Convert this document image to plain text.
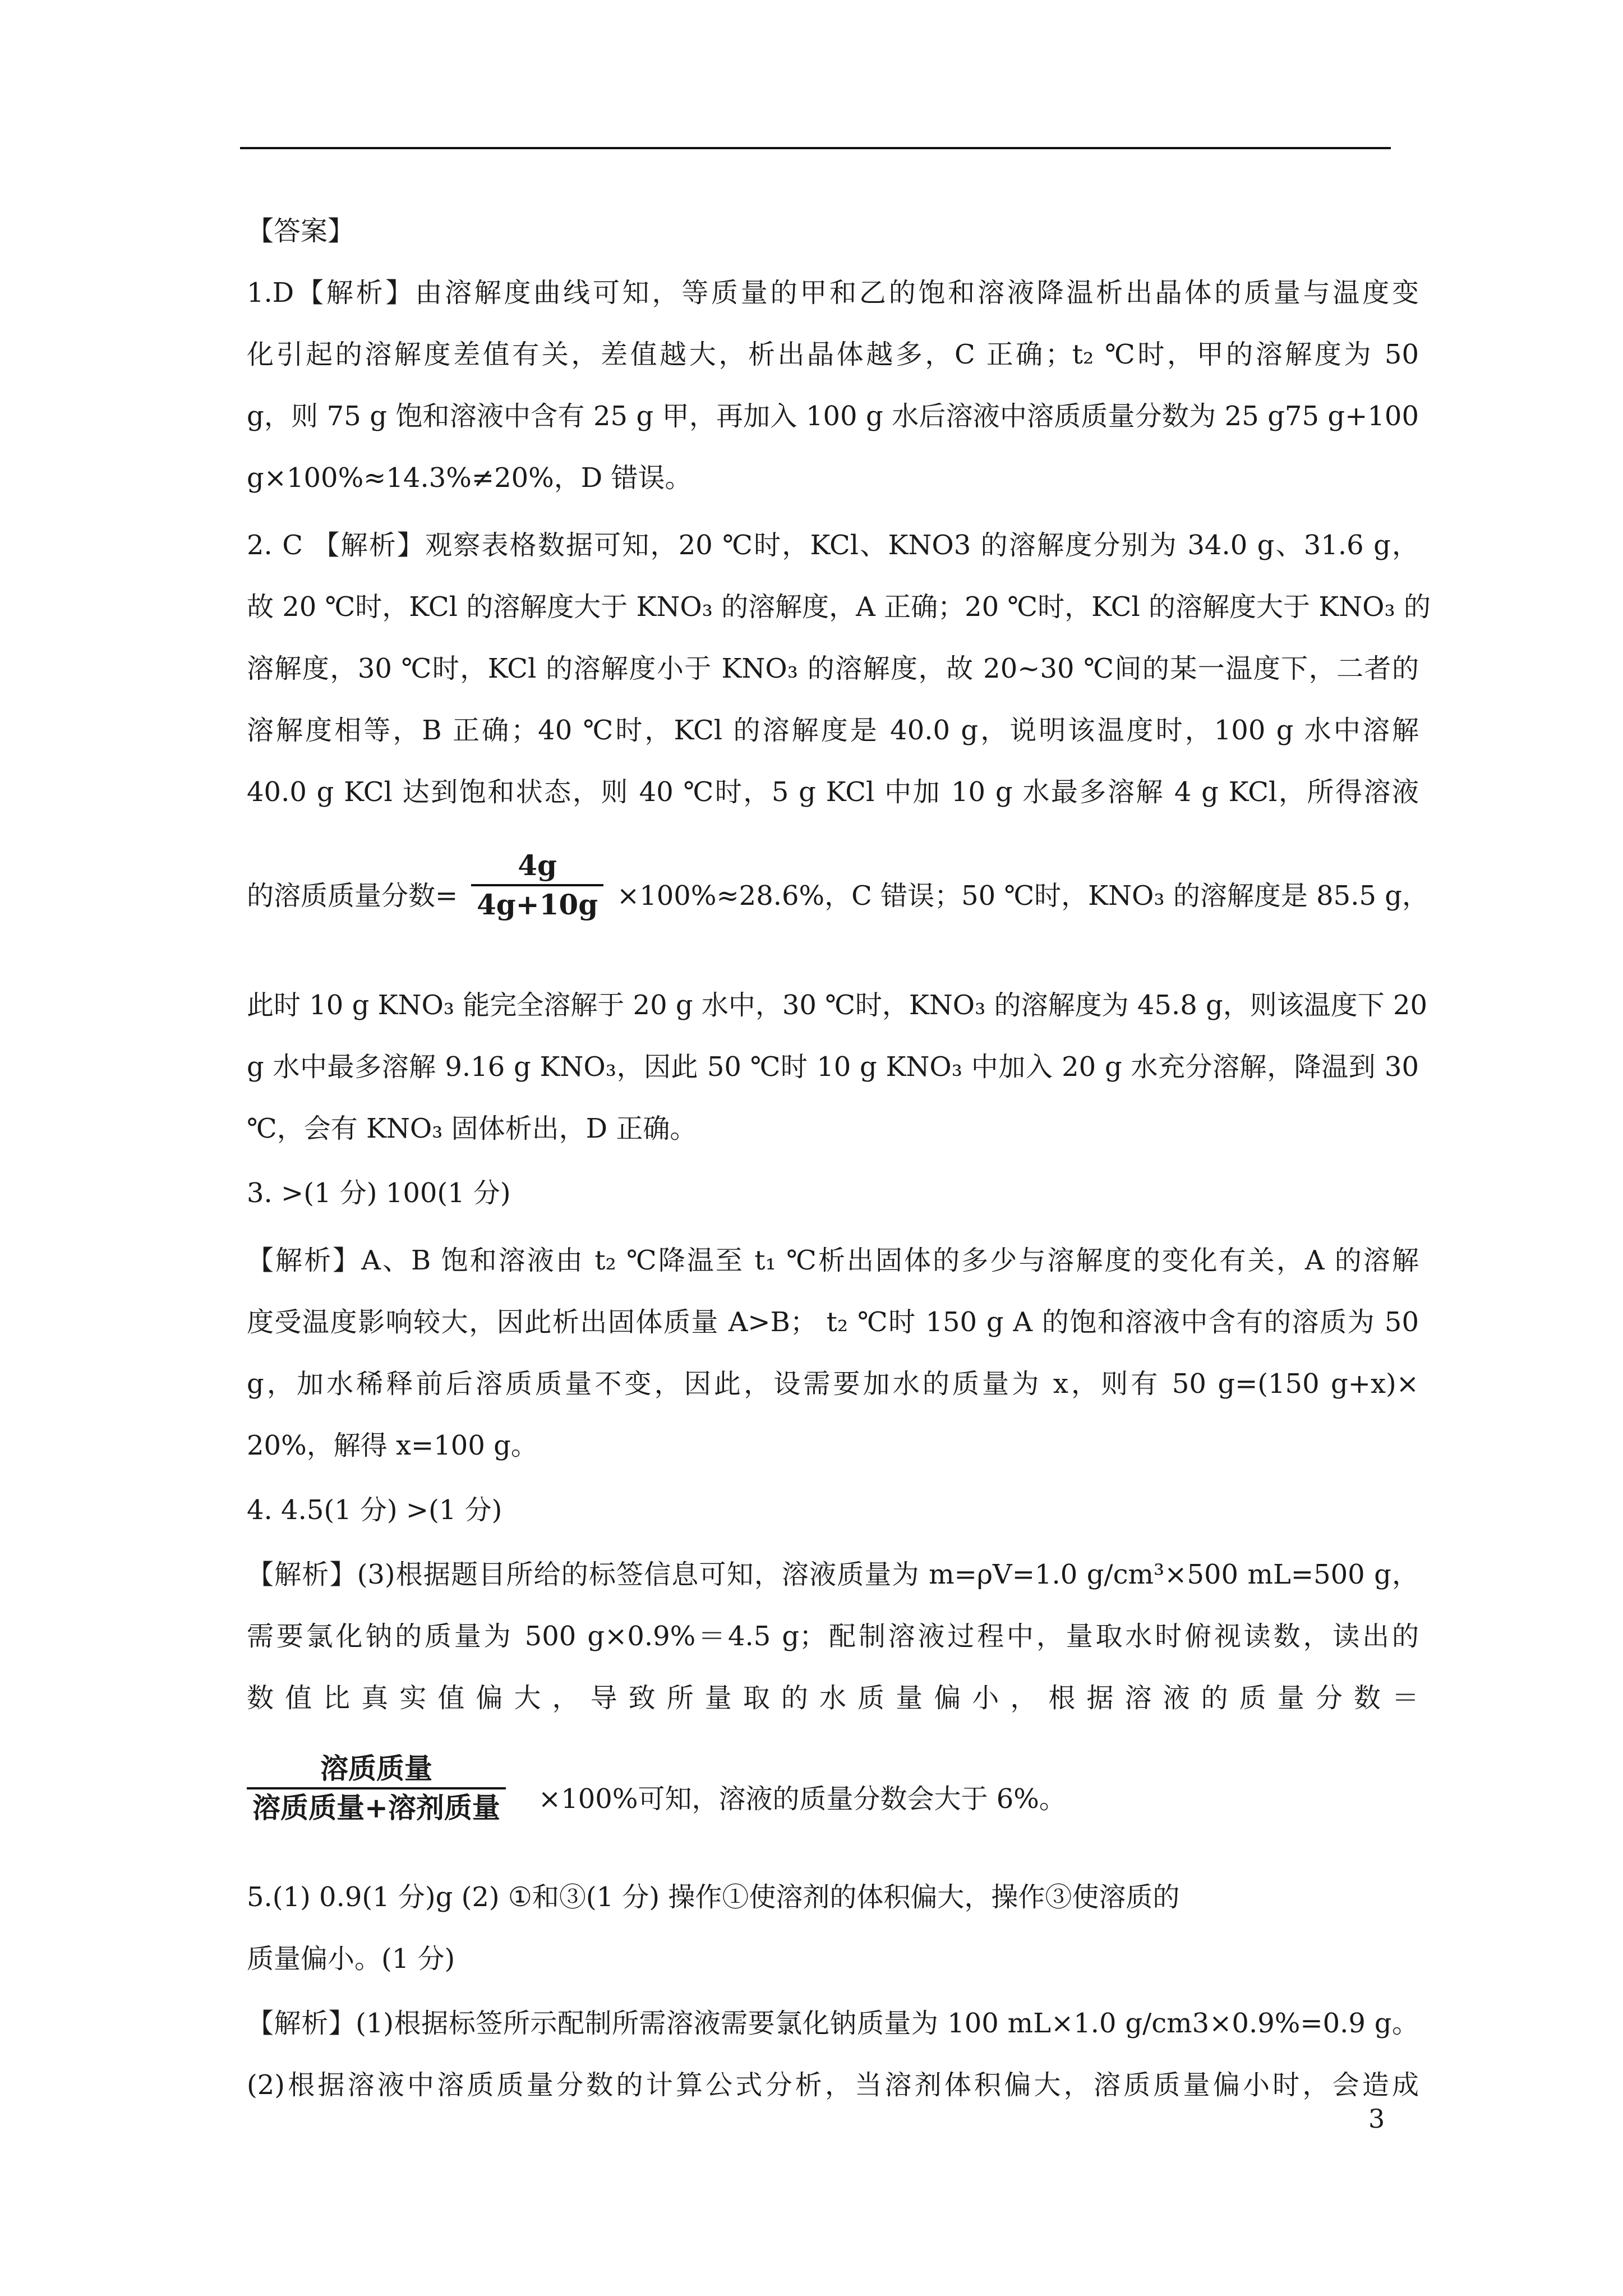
【答案】
1.D【解析】由溶解度曲线可知，等质量的甲和乙的饱和溶液降温析出晶体的质量与温度变
化引起的溶解度差值有关，差值越大，析出晶体越多，C 正确；t₂ ℃时，甲的溶解度为 50
g，则 75 g 饱和溶液中含有 25 g 甲，再加入 100 g 水后溶液中溶质质量分数为 25 g75 g+100
g×100%≈14.3%≠20%，D 错误。
2. C 【解析】观察表格数据可知，20 ℃时，KCl、KNO3 的溶解度分别为 34.0 g、31.6 g，
故 20 ℃时，KCl 的溶解度大于 KNO₃ 的溶解度，A 正确；20 ℃时，KCl 的溶解度大于 KNO₃ 的
溶解度，30 ℃时，KCl 的溶解度小于 KNO₃ 的溶解度，故 20~30 ℃间的某一温度下，二者的
溶解度相等，B 正确；40 ℃时，KCl 的溶解度是 40.0 g，说明该温度时，100 g 水中溶解
40.0 g KCl 达到饱和状态，则 40 ℃时，5 g KCl 中加 10 g 水最多溶解 4 g KCl，所得溶液
的溶质质量分数=
4g
4g+10g ×100%≈28.6%，C 错误；50 ℃时，KNO₃ 的溶解度是 85.5 g，
此时 10 g KNO₃ 能完全溶解于 20 g 水中，30 ℃时，KNO₃ 的溶解度为 45.8 g，则该温度下 20
g 水中最多溶解 9.16 g KNO₃，因此 50 ℃时 10 g KNO₃ 中加入 20 g 水充分溶解，降温到 30
℃，会有 KNO₃ 固体析出，D 正确。
3. >(1 分) 100(1 分)
【解析】A、B 饱和溶液由 t₂ ℃降温至 t₁ ℃析出固体的多少与溶解度的变化有关，A 的溶解
度受温度影响较大，因此析出固体质量 A>B； t₂ ℃时 150 g A 的饱和溶液中含有的溶质为 50
g，加水稀释前后溶质质量不变，因此，设需要加水的质量为 x，则有 50 g=(150 g+x)×
20%，解得 x=100 g。
4. 4.5(1 分) >(1 分)
【解析】(3)根据题目所给的标签信息可知，溶液质量为 m=ρV=1.0 g/cm³×500 mL=500 g，
需要氯化钠的质量为 500 g×0.9%＝4.5 g；配制溶液过程中，量取水时俯视读数，读出的
数值比真实值偏大，导致所量取的水质量偏小，根据溶液的质量分数＝
溶质质量
溶质质量+溶剂质量 ×100%可知，溶液的质量分数会大于 6%。
5.(1) 0.9(1 分)g (2) ①和③(1 分) 操作①使溶剂的体积偏大，操作③使溶质的
质量偏小。(1 分)
【解析】(1)根据标签所示配制所需溶液需要氯化钠质量为 100 mL×1.0 g/cm3×0.9%=0.9 g。
(2)根据溶液中溶质质量分数的计算公式分析，当溶剂体积偏大，溶质质量偏小时，会造成
3
